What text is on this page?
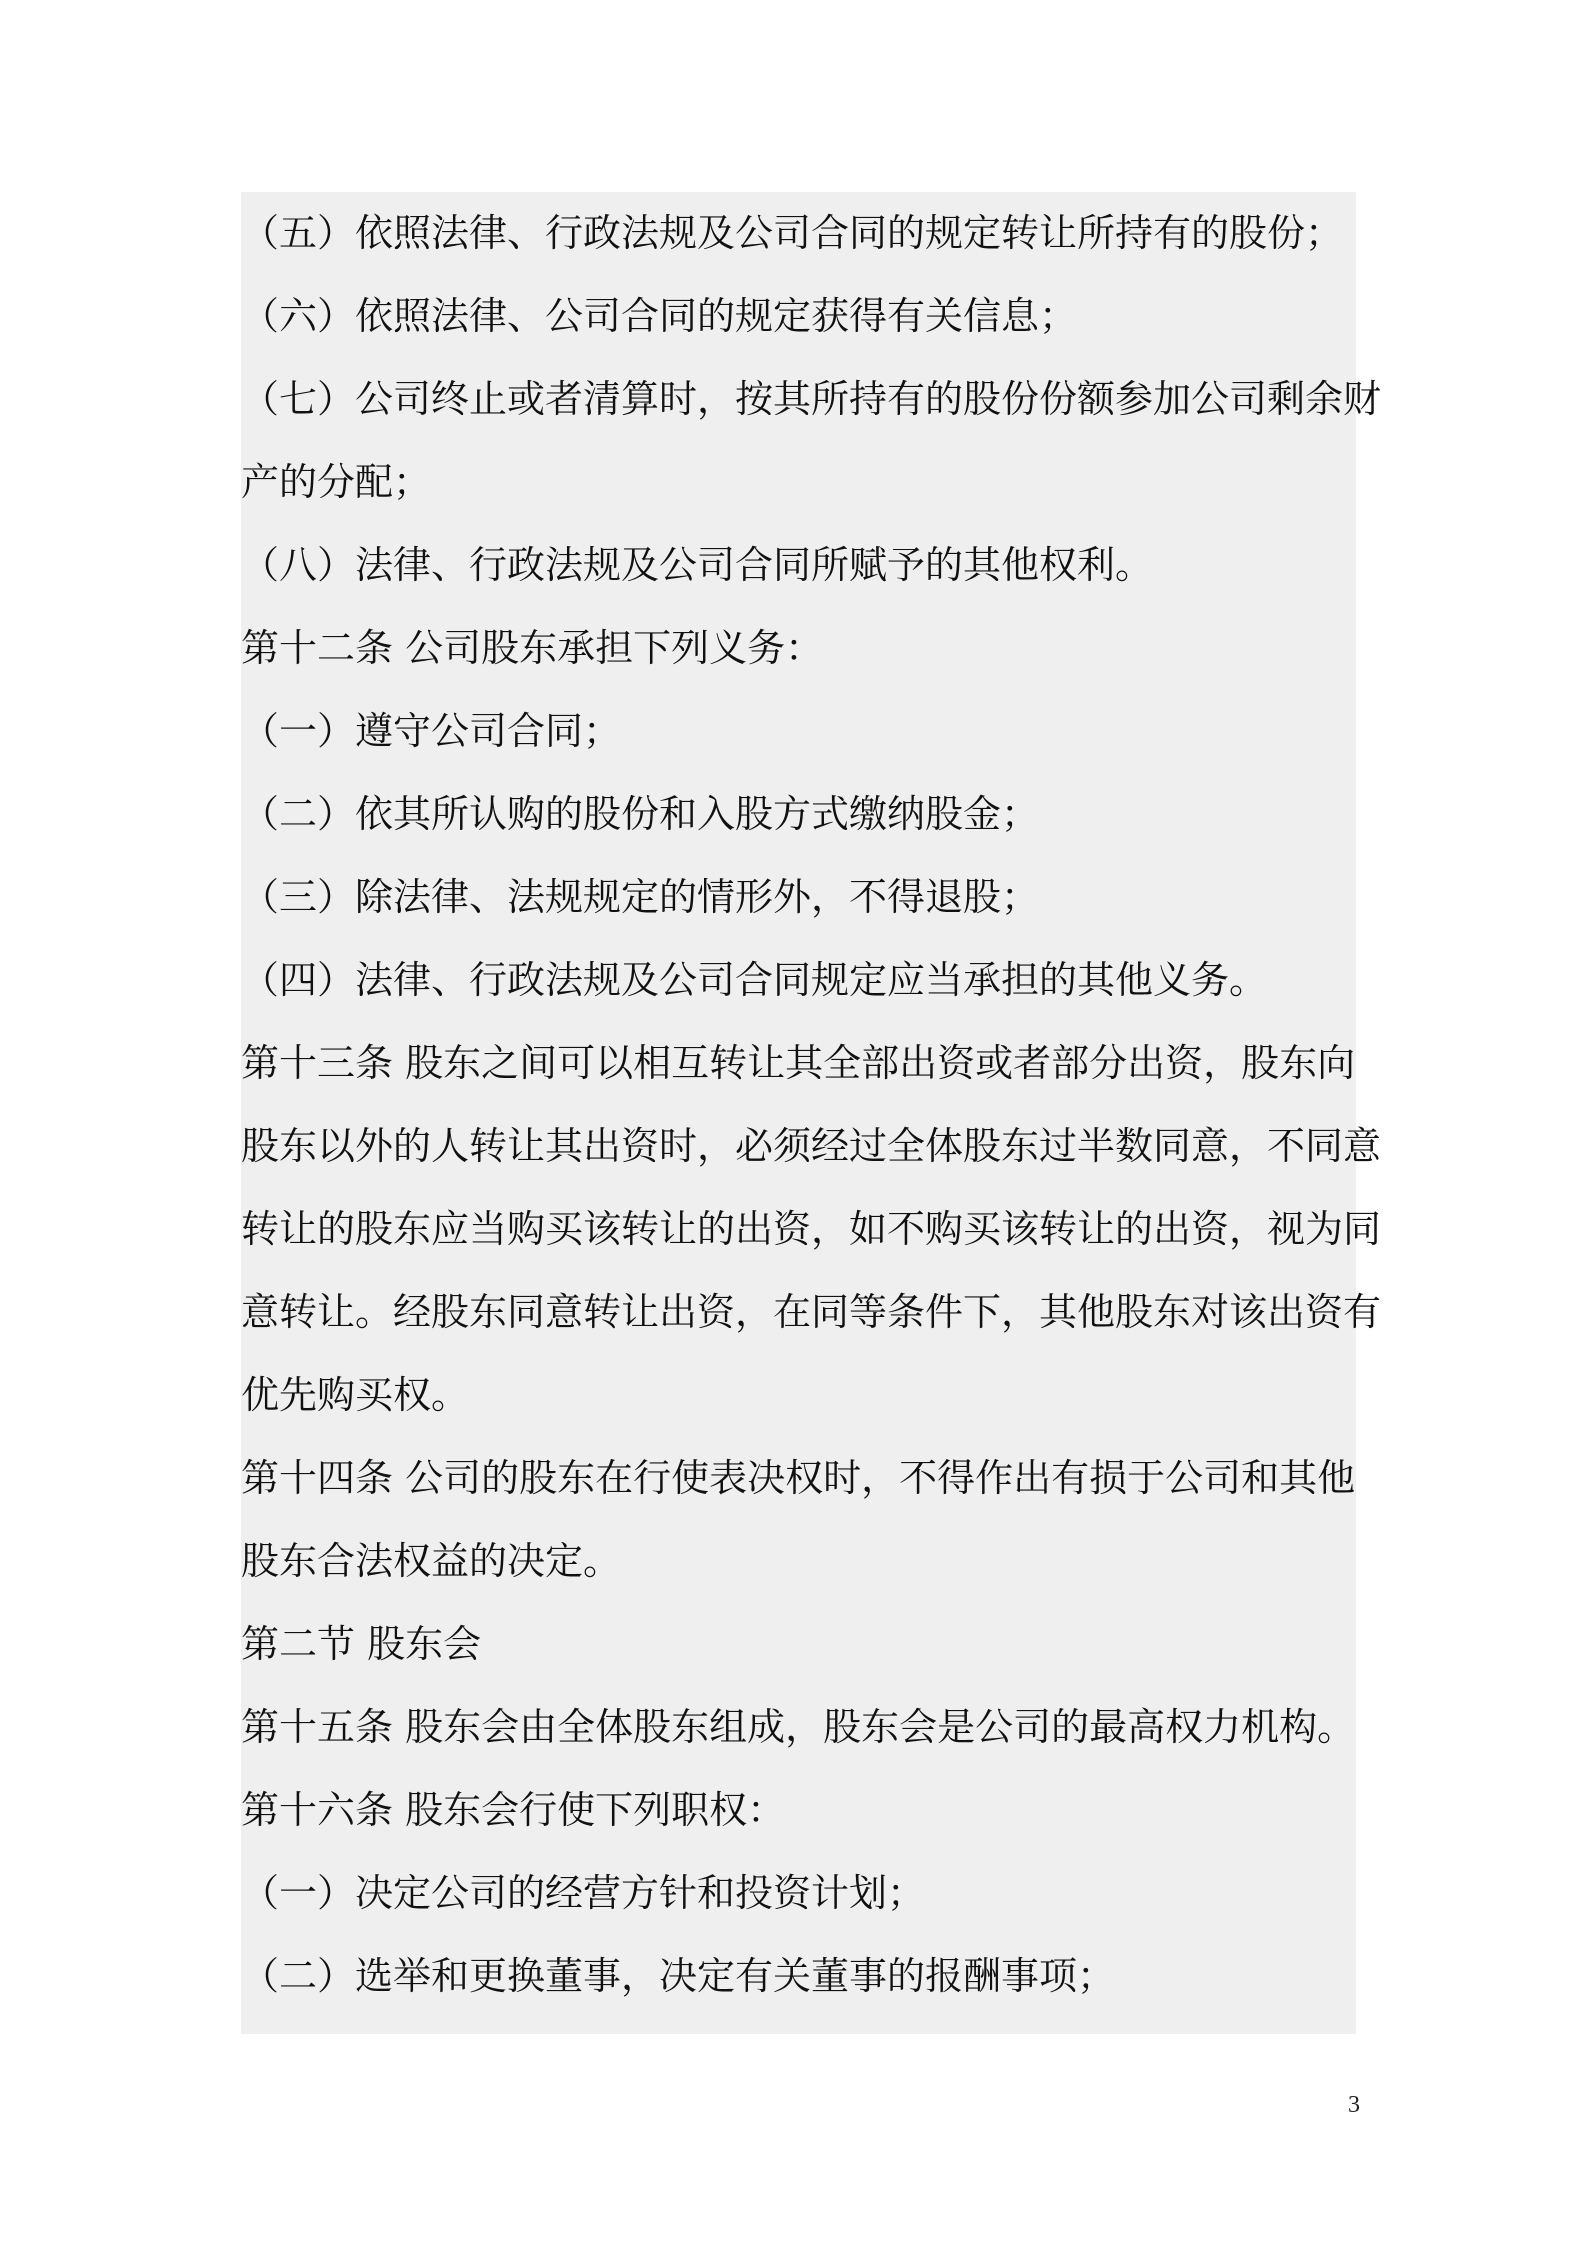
（五）依照法律、行政法规及公司合同的规定转让所持有的股份；
（六）依照法律、公司合同的规定获得有关信息；
（七）公司终止或者清算时，按其所持有的股份份额参加公司剩余财
产的分配；
（八）法律、行政法规及公司合同所赋予的其他权利。
第十二条 公司股东承担下列义务：
（一）遵守公司合同；
（二）依其所认购的股份和入股方式缴纳股金；
（三）除法律、法规规定的情形外，不得退股；
（四）法律、行政法规及公司合同规定应当承担的其他义务。
第十三条 股东之间可以相互转让其全部出资或者部分出资，股东向
股东以外的人转让其出资时，必须经过全体股东过半数同意，不同意
转让的股东应当购买该转让的出资，如不购买该转让的出资，视为同
意转让。经股东同意转让出资，在同等条件下，其他股东对该出资有
优先购买权。
第十四条 公司的股东在行使表决权时，不得作出有损于公司和其他
股东合法权益的决定。
第二节 股东会
第十五条 股东会由全体股东组成，股东会是公司的最高权力机构。
第十六条 股东会行使下列职权：
（一）决定公司的经营方针和投资计划；
（二）选举和更换董事，决定有关董事的报酬事项；
3
